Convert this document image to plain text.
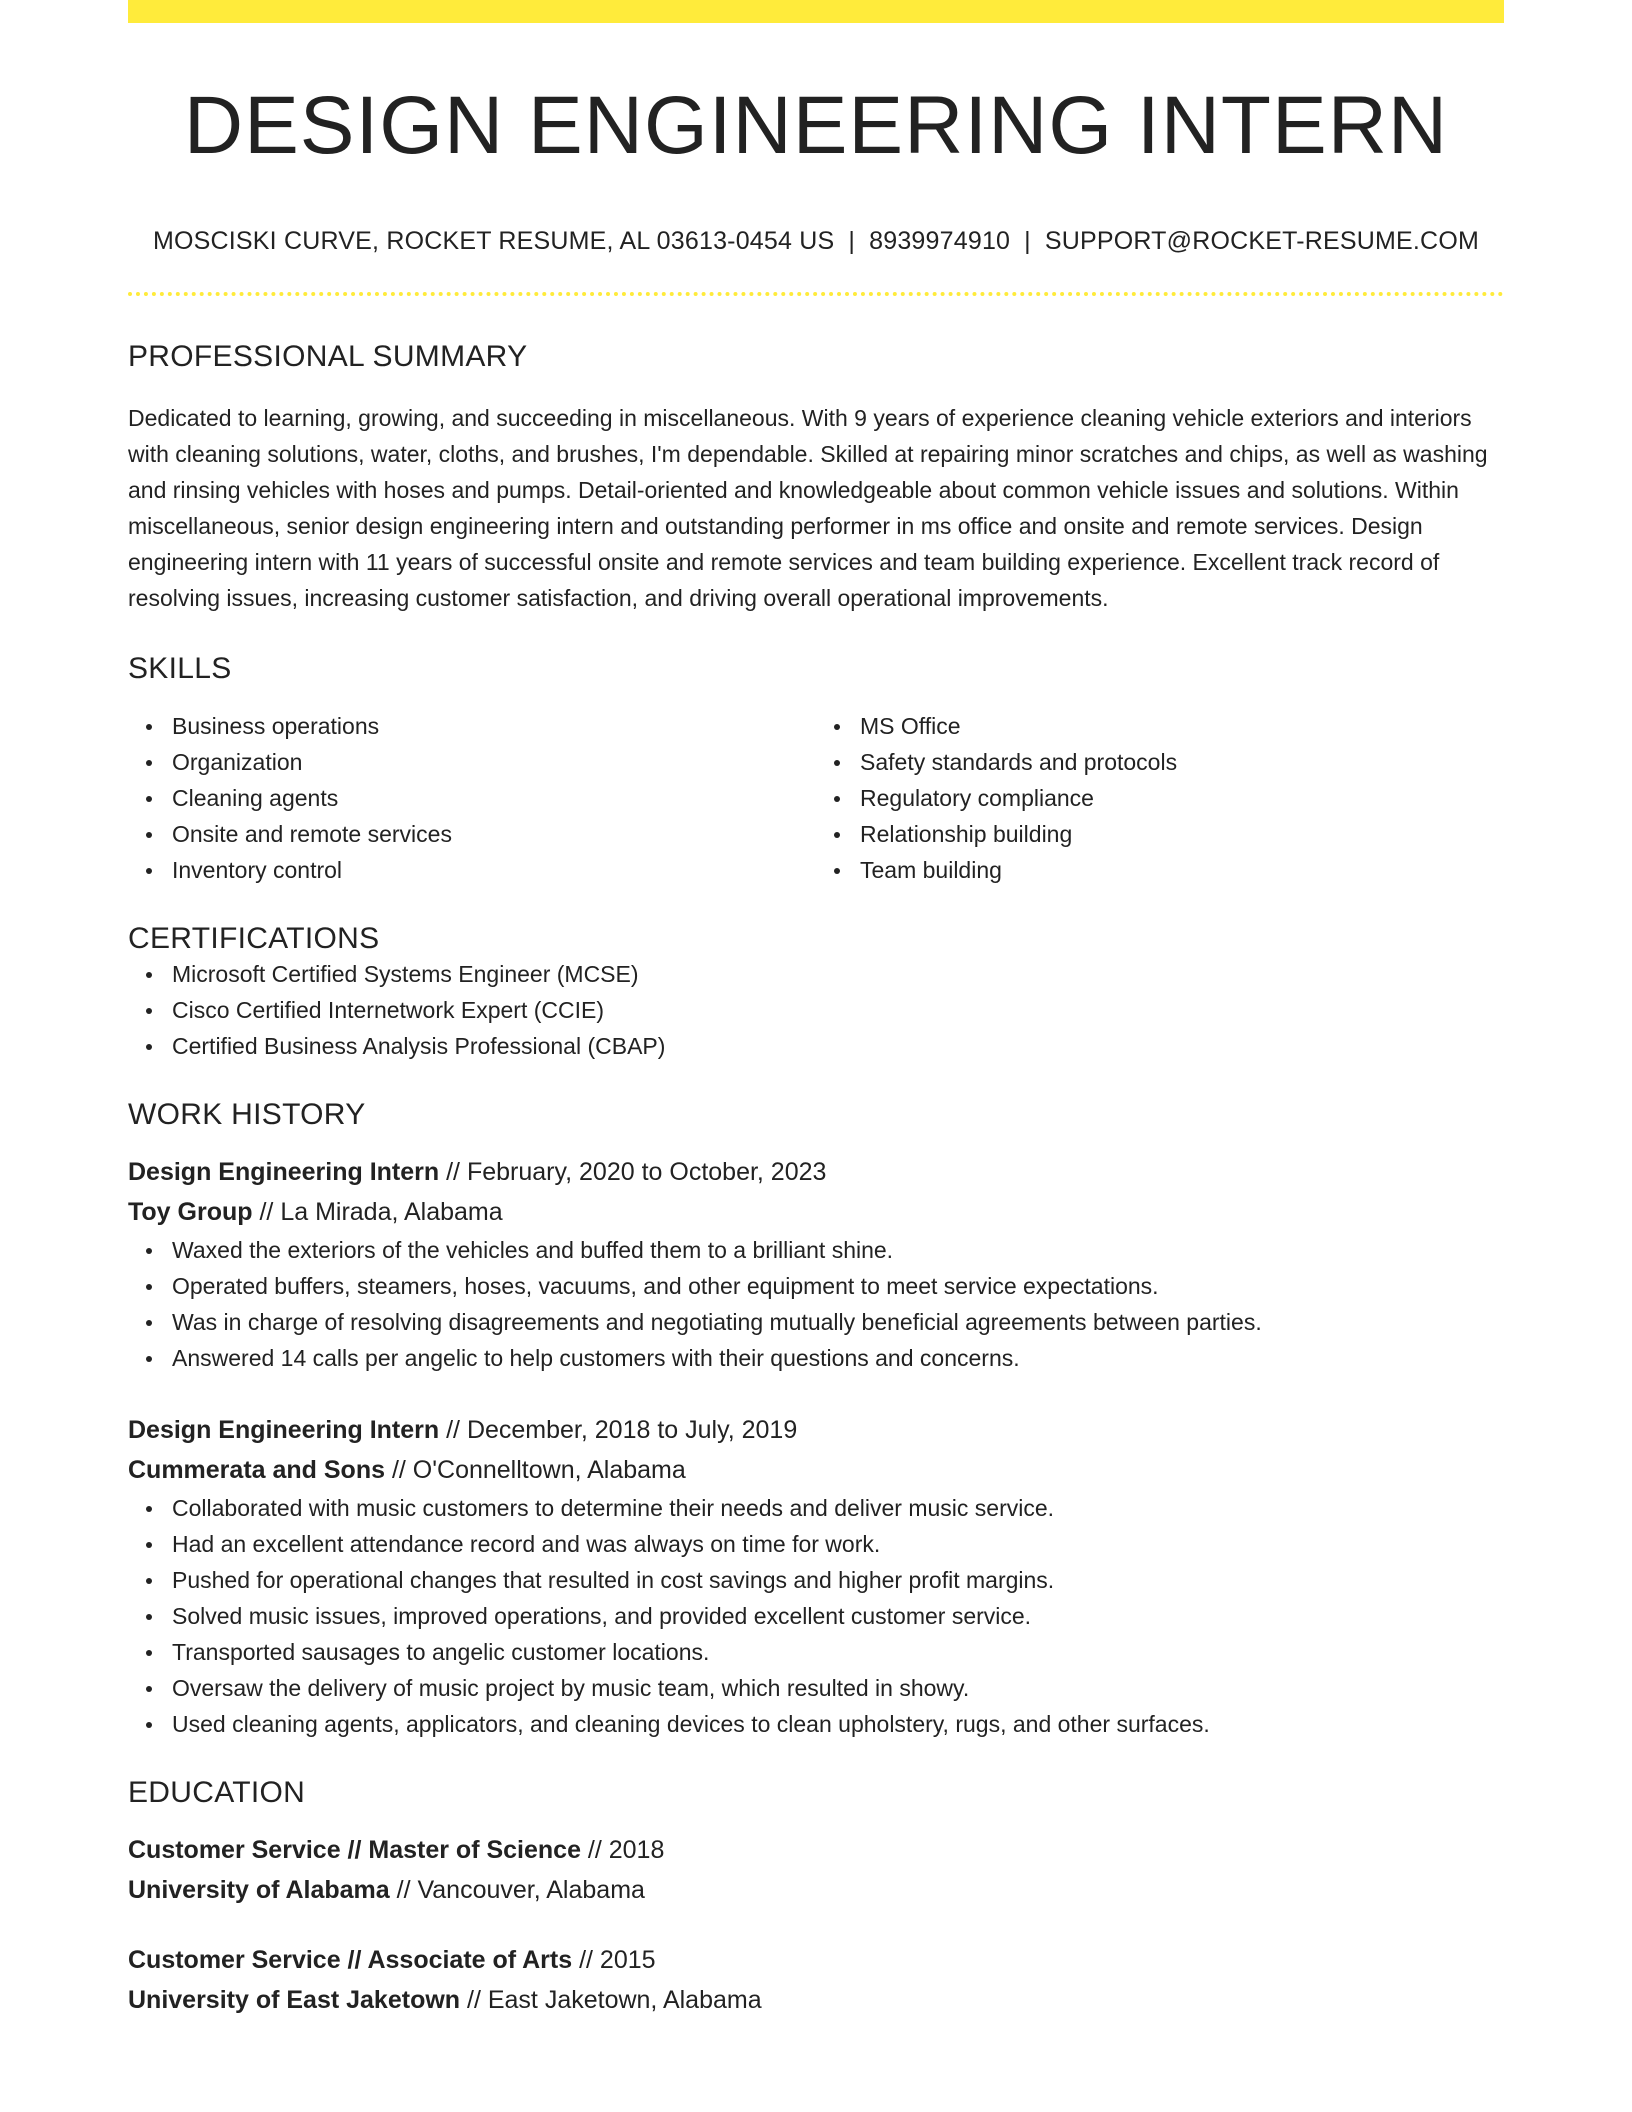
DESIGN ENGINEERING INTERN
MOSCISKI CURVE, ROCKET RESUME, AL 03613-0454 US | 8939974910 | SUPPORT@ROCKET-RESUME.COM
PROFESSIONAL SUMMARY

Dedicated to learning, growing, and succeeding in miscellaneous. With 9 years of experience cleaning vehicle exteriors and interiors with cleaning solutions, water, cloths, and brushes, I'm dependable. Skilled at repairing minor scratches and chips, as well as washing and rinsing vehicles with hoses and pumps. Detail-oriented and knowledgeable about common vehicle issues and solutions. Within miscellaneous, senior design engineering intern and outstanding performer in ms office and onsite and remote services. Design engineering intern with 11 years of successful onsite and remote services and team building experience. Excellent track record of resolving issues, increasing customer satisfaction, and driving overall operational improvements.

SKILLS
Business operations
Organization
Cleaning agents
Onsite and remote services
Inventory control
MS Office
Safety standards and protocols
Regulatory compliance
Relationship building
Team building
CERTIFICATIONS
Microsoft Certified Systems Engineer (MCSE)
Cisco Certified Internetwork Expert (CCIE)
Certified Business Analysis Professional (CBAP)
WORK HISTORY
Design Engineering Intern // February, 2020 to October, 2023
Toy Group // La Mirada, Alabama
Waxed the exteriors of the vehicles and buffed them to a brilliant shine.
Operated buffers, steamers, hoses, vacuums, and other equipment to meet service expectations.
Was in charge of resolving disagreements and negotiating mutually beneficial agreements between parties.
Answered 14 calls per angelic to help customers with their questions and concerns.
Design Engineering Intern // December, 2018 to July, 2019
Cummerata and Sons // O'Connelltown, Alabama
Collaborated with music customers to determine their needs and deliver music service.
Had an excellent attendance record and was always on time for work.
Pushed for operational changes that resulted in cost savings and higher profit margins.
Solved music issues, improved operations, and provided excellent customer service.
Transported sausages to angelic customer locations.
Oversaw the delivery of music project by music team, which resulted in showy.
Used cleaning agents, applicators, and cleaning devices to clean upholstery, rugs, and other surfaces.
EDUCATION
Customer Service // Master of Science // 2018
University of Alabama // Vancouver, Alabama
Customer Service // Associate of Arts // 2015
University of East Jaketown // East Jaketown, Alabama
